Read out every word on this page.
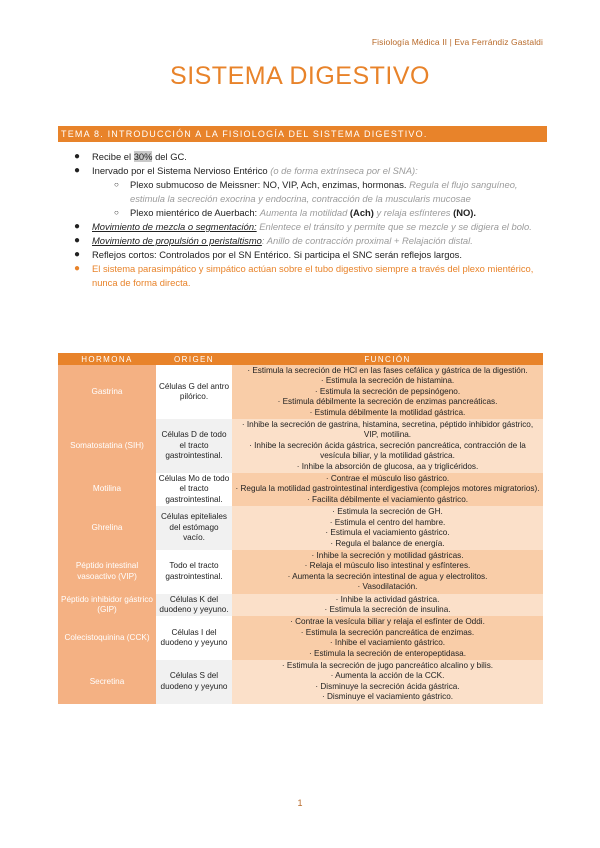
Fisiología Médica II | Eva Ferrándiz Gastaldi
SISTEMA DIGESTIVO
TEMA 8. INTRODUCCIÓN A LA FISIOLOGÍA DEL SISTEMA DIGESTIVO.
● Recibe el 30% del GC.
● Inervado por el Sistema Nervioso Entérico (o de forma extrínseca por el SNA):
○ Plexo submucoso de Meissner: NO, VIP, Ach, enzimas, hormonas. Regula el flujo sanguíneo, estimula la secreción exocrina y endocrina, contracción de la muscularis mucosae
○ Plexo mientérico de Auerbach: Aumenta la motilidad (Ach) y relaja esfínteres (NO).
● Movimiento de mezcla o segmentación: Enlentece el tránsito y permite que se mezcle y se digiera el bolo.
● Movimiento de propulsión o peristaltismo: Anillo de contracción proximal + Relajación distal.
● Reflejos cortos: Controlados por el SN Entérico. Si participa el SNC serán reflejos largos.
● El sistema parasimpático y simpático actúan sobre el tubo digestivo siempre a través del plexo mientérico, nunca de forma directa.
HORMONA	ORIGEN	FUNCIÓN
Gastrina	Células G del antro pilórico.	· Estimula la secreción de HCl en las fases cefálica y gástrica de la digestión.
· Estimula la secreción de histamina.
· Estimula la secreción de pepsinógeno.
· Estimula débilmente la secreción de enzimas pancreáticas.
· Estimula débilmente la motilidad gástrica.

Somatostatina (SIH)	Células D de todo el tracto gastrointestinal.	· Inhibe la secreción de gastrina, histamina, secretina, péptido inhibidor gástrico, VIP, motilina.
· Inhibe la secreción ácida gástrica, secreción pancreática, contracción de la vesícula biliar, y la motilidad gástrica.
· Inhibe la absorción de glucosa, aa y triglicéridos.

Motilina	Células Mo de todo el tracto gastrointestinal.	· Contrae el músculo liso gástrico.
· Regula la motilidad gastrointestinal interdigestiva (complejos motores migratorios).
· Facilita débilmente el vaciamiento gástrico.

Ghrelina	Células epiteliales del estómago vacío.	· Estimula la secreción de GH.
· Estimula el centro del hambre.
· Estimula el vaciamiento gástrico.
· Regula el balance de energía.

Péptido intestinal vasoactivo (VIP)	Todo el tracto gastrointestinal.	· Inhibe la secreción y motilidad gástricas.
· Relaja el músculo liso intestinal y esfínteres.
· Aumenta la secreción intestinal de agua y electrolitos.
· Vasodilatación.

Péptido inhibidor gástrico (GIP)	Células K del duodeno y yeyuno.	· Inhibe la actividad gástrica.
· Estimula la secreción de insulina.

Colecistoquinina (CCK)	Células I del duodeno y yeyuno	· Contrae la vesícula biliar y relaja el esfínter de Oddi.
· Estimula la secreción pancreática de enzimas.
· Inhibe el vaciamiento gástrico.
· Estimula la secreción de enteropeptidasa.

Secretina	Células S del duodeno y yeyuno	· Estimula la secreción de jugo pancreático alcalino y bilis.
· Aumenta la acción de la CCK.
· Disminuye la secreción ácida gástrica.
· Disminuye el vaciamiento gástrico.
1
